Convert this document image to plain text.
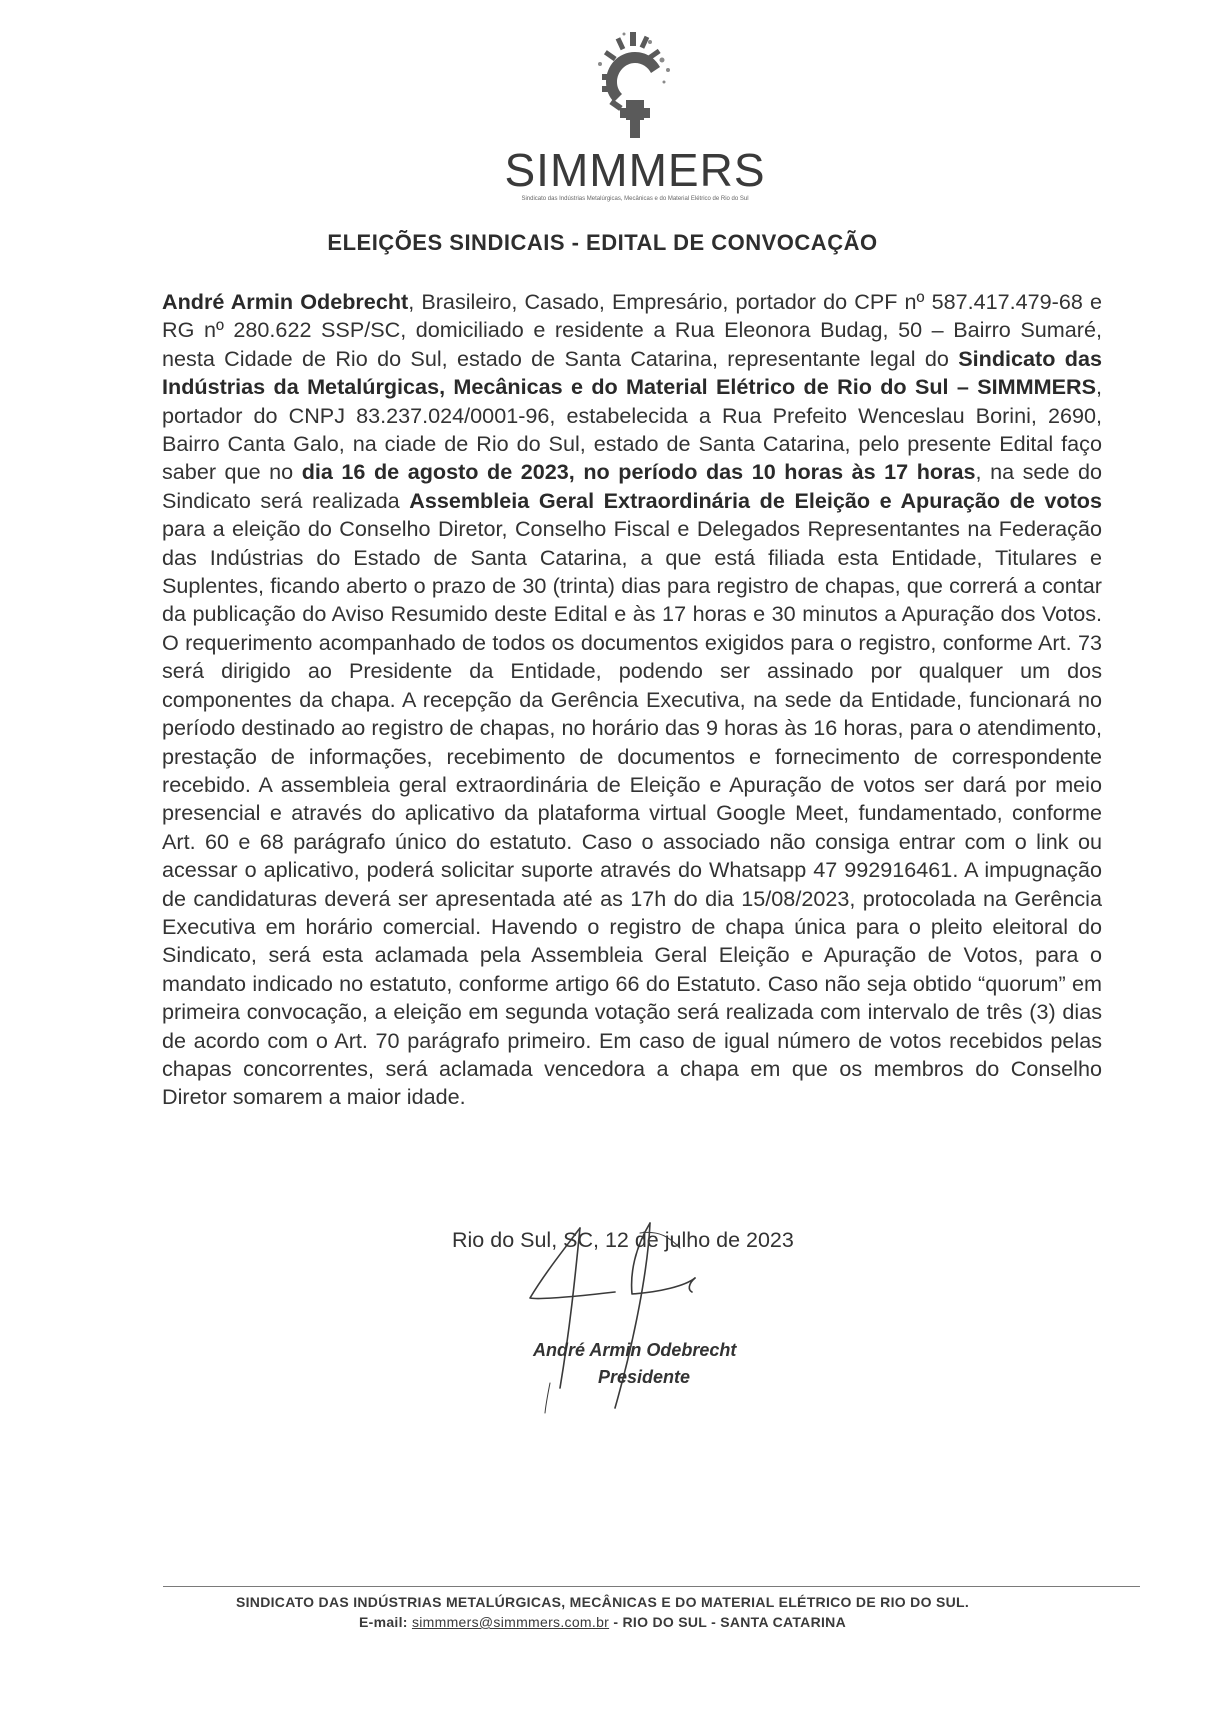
SIMMMERS
Sindicato das Indústrias Metalúrgicas, Mecânicas e do Material Elétrico de Rio do Sul
ELEIÇÕES SINDICAIS - EDITAL DE CONVOCAÇÃO
André Armin Odebrecht, Brasileiro, Casado, Empresário, portador do CPF nº 587.417.479-68 e RG nº 280.622 SSP/SC, domiciliado e residente a Rua Eleonora Budag, 50 – Bairro Sumaré, nesta Cidade de Rio do Sul, estado de Santa Catarina, representante legal do Sindicato das Indústrias da Metalúrgicas, Mecânicas e do Material Elétrico de Rio do Sul – SIMMMERS, portador do CNPJ 83.237.024/0001-96, estabelecida a Rua Prefeito Wenceslau Borini, 2690, Bairro Canta Galo, na ciade de Rio do Sul, estado de Santa Catarina, pelo presente Edital faço saber que no dia 16 de agosto de 2023, no período das 10 horas às 17 horas, na sede do Sindicato será realizada Assembleia Geral Extraordinária de Eleição e Apuração de votos para a eleição do Conselho Diretor, Conselho Fiscal e Delegados Representantes na Federação das Indústrias do Estado de Santa Catarina, a que está filiada esta Entidade, Titulares e Suplentes, ficando aberto o prazo de 30 (trinta) dias para registro de chapas, que correrá a contar da publicação do Aviso Resumido deste Edital e às 17 horas e 30 minutos a Apuração dos Votos. O requerimento acompanhado de todos os documentos exigidos para o registro, conforme Art. 73 será dirigido ao Presidente da Entidade, podendo ser assinado por qualquer um dos componentes da chapa. A recepção da Gerência Executiva, na sede da Entidade, funcionará no período destinado ao registro de chapas, no horário das 9 horas às 16 horas, para o atendimento, prestação de informações, recebimento de documentos e fornecimento de correspondente recebido. A assembleia geral extraordinária de Eleição e Apuração de votos ser dará por meio presencial e através do aplicativo da plataforma virtual Google Meet, fundamentado, conforme Art. 60 e 68 parágrafo único do estatuto. Caso o associado não consiga entrar com o link ou acessar o aplicativo, poderá solicitar suporte através do Whatsapp 47 992916461. A impugnação de candidaturas deverá ser apresentada até as 17h do dia 15/08/2023, protocolada na Gerência Executiva em horário comercial. Havendo o registro de chapa única para o pleito eleitoral do Sindicato, será esta aclamada pela Assembleia Geral Eleição e Apuração de Votos, para o mandato indicado no estatuto, conforme artigo 66 do Estatuto. Caso não seja obtido “quorum” em primeira convocação, a eleição em segunda votação será realizada com intervalo de três (3) dias de acordo com o Art. 70 parágrafo primeiro. Em caso de igual número de votos recebidos pelas chapas concorrentes, será aclamada vencedora a chapa em que os membros do Conselho Diretor somarem a maior idade.
Rio do Sul, SC, 12 de julho de 2023
André Armin Odebrecht
Presidente
SINDICATO DAS INDÚSTRIAS METALÚRGICAS, MECÂNICAS E DO MATERIAL ELÉTRICO DE RIO DO SUL.
E-mail: simmmers@simmmers.com.br - RIO DO SUL - SANTA CATARINA
